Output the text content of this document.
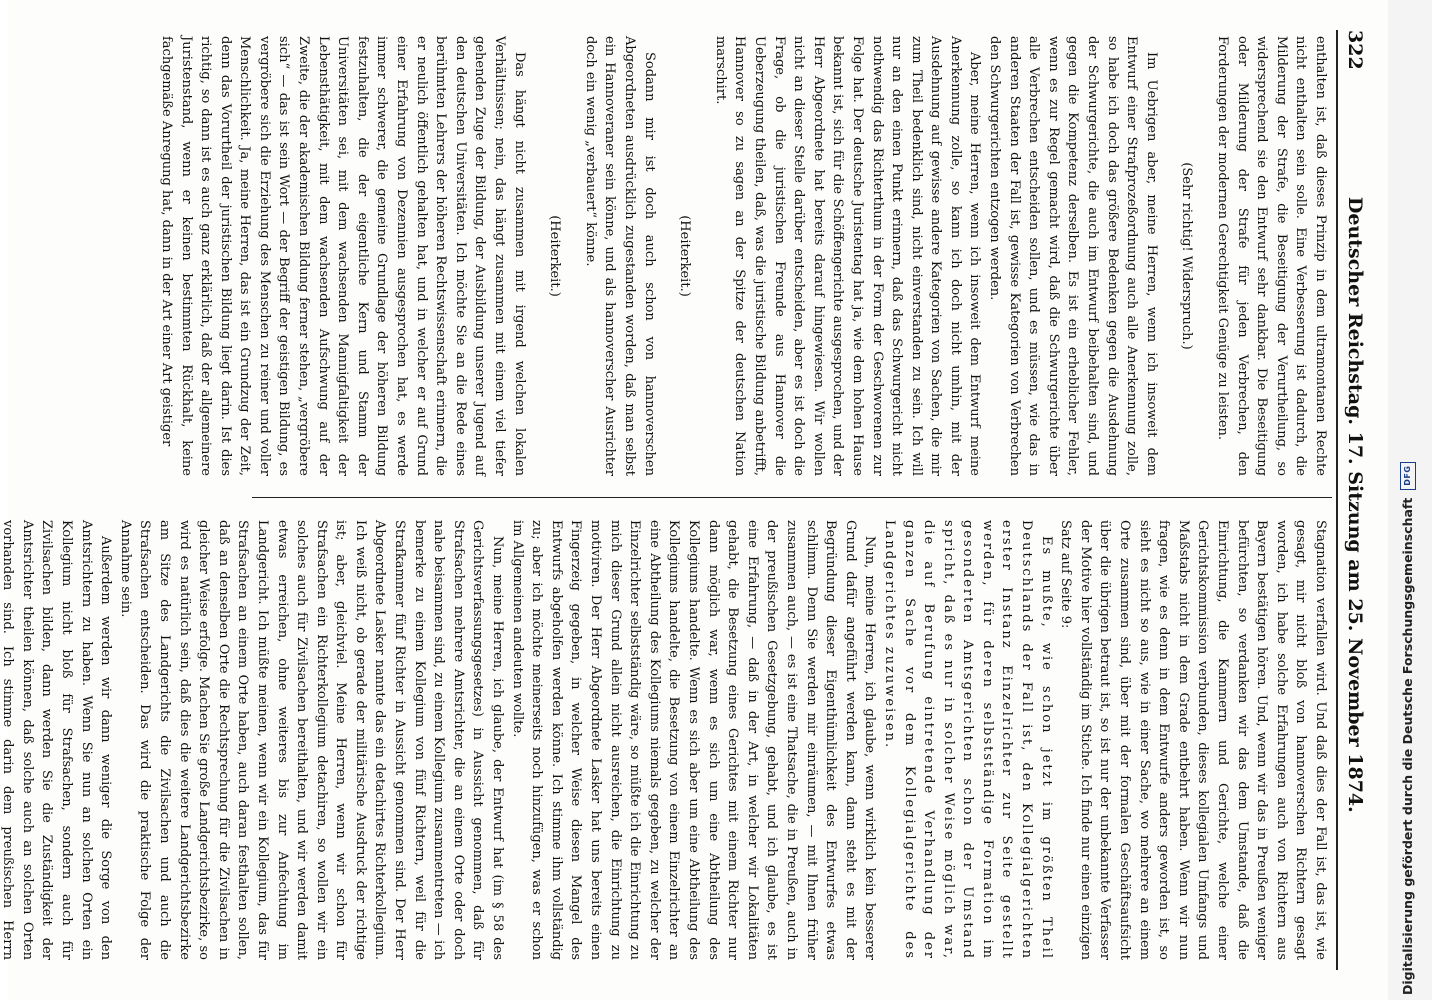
322
Deutscher Reichstag. 17. Sitzung am 25. November 1874.

enthalten ist, daß dieses Prinzip in dem ultramontanen Rechte nicht enthalten sein solle. Eine Verbesserung ist dadurch, die Milderung der Strafe, die Beseitigung der Verurtheilung, so widersprechend sie den Entwurf sehr dankbar. Die Beseitigung oder Milderung der Strafe für jeden Verbrechen, den Forderungen der modernen Gerechtigkeit Genüge zu leisten.

(Sehr richtig! Widerspruch.)

Im Uebrigen aber, meine Herren, wenn ich insoweit dem Entwurf einer Strafprozeßordnung auch alle Anerkennung zolle, so habe ich doch das größere Bedenken gegen die Ausdehnung der Schwurgerichte, die auch im Entwurf beibehalten sind, und gegen die Kompetenz derselben. Es ist ein erheblicher Fehler, wenn es zur Regel gemacht wird, daß die Schwurgerichte über alle Verbrechen entscheiden sollen, und es müssen, wie das in anderen Staaten der Fall ist, gewisse Kategorien von Verbrechen den Schwurgerichten entzogen werden.

Aber, meine Herren, wenn ich insoweit dem Entwurf meine Anerkennung zolle, so kann ich doch nicht umhin, mit der Ausdehnung auf gewisse andere Kategorien von Sachen, die mir zum Theil bedenklich sind, nicht einverstanden zu sein. Ich will nur an den einen Punkt erinnern, daß das Schwurgericht nicht nothwendig das Richterthum in der Form der Geschworenen zur Folge hat. Der deutsche Juristentag hat ja, wie dem hohen Hause bekannt ist, sich für die Schöffengerichte ausgesprochen, und der Herr Abgeordnete hat bereits darauf hingewiesen. Wir wollen nicht an dieser Stelle darüber entscheiden, aber es ist doch die Frage, ob die juristischen Freunde aus Hannover die Ueberzeugung theilen, daß, was die juristische Bildung anbetrifft, Hannover so zu sagen an der Spitze der deutschen Nation marschirt.

(Heiterkeit.)

Sodann mir ist doch auch schon von hannoverschen Abgeordneten ausdrücklich zugestanden worden, daß man selbst ein Hannoveraner sein könne, und als hannoverscher Ausrichter doch ein wenig „verbauert“ könne.

(Heiterkeit.)

Das hängt nicht zusammen mit irgend welchen lokalen Verhältnissen; nein, das hängt zusammen mit einem viel tiefer gehenden Zuge der Bildung, der Ausbildung unserer Jugend auf den deutschen Universitäten. Ich möchte Sie an die Rede eines berühmten Lehrers der höheren Rechtswissenschaft erinnern, die er neulich öffentlich gehalten hat, und in welcher er auf Grund einer Erfahrung von Dezennien ausgesprochen hat, es werde immer schwerer, die gemeine Grundlage der höheren Bildung festzuhalten, die der eigentliche Kern und Stamm der Universitäten sei, mit dem wachsenden Mannigfaltigkeit der Lebensthätigkeit, mit dem wachsenden Aufschwung auf der Zweite, die der akademischen Bildung ferner stehen, „vergröbere sich“ — das ist sein Wort — der Begriff der geistigen Bildung, es vergröbere sich die Erziehung des Menschen zu reiner und voller Menschlichkeit. Ja, meine Herren, das ist ein Grundzug der Zeit, denn das Vorurtheil der juristischen Bildung liegt darin. Ist dies richtig, so dann ist es auch ganz erklärlich, daß der allgemeinere Juristenstand, wenn er keinen bestimmten Rückhalt, keine fachgemäße Anregung hat, dann in der Art einer Art geistiger

Stagnation verfallen wird. Und daß dies der Fall ist, das ist, wie gesagt, mir nicht bloß von hannoverschen Richtern gesagt worden, ich habe solche Erfahrungen auch von Richtern aus Bayern bestätigen hören. Und, wenn wir das in Preußen weniger befürchten, so verdanken wir das dem Umstande, daß die Einrichtung, die Kammern und Gerichte, welche einer Gerichtskommission verbunden, dieses kollegialen Umfangs und Maßstabs nicht in dem Grade entbehrt haben. Wenn wir nun fragen, wie es denn in dem Entwurfe anders geworden ist, so sieht es nicht so aus, wie in einer Sache, wo mehrere an einem Orte zusammen sind, über mit der formalen Geschäftsaufsicht über die übrigen betraut ist, so ist nur der unbekannte Verfasser der Motive hier vollständig im Stiche. Ich finde nur einen einzigen Satz auf Seite 9:

Es mußte, wie schon jetzt im größten Theil Deutschlands der Fall ist, den Kollegialgerichten erster Instanz Einzelrichter zur Seite gestellt werden, für deren selbstständige Formation im gesonderten Amtsgerichten schon der Umstand spricht, daß es nur in solcher Weise möglich war, die auf Berufung eintretende Verhandlung der ganzen Sache vor dem Kollegialgerichte des Landgerichtes zuzuweisen.

Nun, meine Herren, ich glaube, wenn wirklich kein besserer Grund dafür angeführt werden kann, dann steht es mit der Begründung dieser Eigenthümlichkeit des Entwurfes etwas schlimm. Denn Sie werden mir einräumen, — mit Ihnen früher zusammen auch, — es ist eine Thatsache, die in Preußen, auch in der preußischen Gesetzgebung, gehabt, und ich glaube, es ist eine Erfahrung, — daß in der Art, in welcher wir Lokalitäten gehabt, die Besetzung eines Gerichtes mit einem Richter nur dann möglich war, wenn es sich um eine Abtheilung des Kollegiums handelte. Wenn es sich aber um eine Abtheilung des Kollegiums handelte, die Besetzung von einem Einzelrichter an eine Abtheilung des Kollegiums niemals gegeben, zu welcher der Einzelrichter selbstständig wäre, so müßte ich die Einrichtung zu mich dieser Grund allein nicht ausreichen, die Einrichtung zu motiviren. Der Herr Abgeordnete Lasker hat uns bereits einen Fingerzeig gegeben, in welcher Weise diesen Mangel des Entwurfs abgeholfen werden könne. Ich stimme ihm vollständig zu; aber ich möchte meinerseits noch hinzufügen, was er schon im Allgemeinen andeuten wollte.

Nun, meine Herren, ich glaube, der Entwurf hat (im § 58 des Gerichtsverfassungsgesetzes) in Aussicht genommen, daß für Strafsachen mehrere Amtsrichter, die an einem Orte oder doch nahe beisammen sind, zu einem Kollegium zusammentreten — ich bemerke zu einem Kollegium von fünf Richtern, weil für die Strafkammer fünf Richter in Aussicht genommen sind. Der Herr Abgeordnete Lasker nannte das ein detachirtes Richterkollegium. Ich weiß nicht, ob gerade der militärische Ausdruck der richtige ist; aber, gleichviel. Meine Herren, wenn wir schon für Strafsachen ein Richterkollegium detachiren, so wollen wir ein solches auch für Zivilsachen bereithalten, und wir werden damit etwas erreichen, ohne weiteres bis zur Anfechtung im Landgericht. Ich müßte meinen, wenn wir ein Kollegium, das für Strafsachen an einem Orte haben, auch daran festhalten sollen, daß an denselben Orte die Rechtsprechung für die Zivilsachen in gleicher Weise erfolge. Machen Sie große Landgerichtsbezirke, so wird es natürlich sein, daß dies die weitere Landgerichtsbezirke am Sitze des Landgerichts die Zivilsachen und auch die Strafsachen entscheiden. Das wird die praktische Folge der Annahme sein.

Außerdem werden wir dann weniger die Sorge von den Amtsrichtern zu haben. Wenn Sie nun an solchen Orten ein Kollegium nicht bloß für Strafsachen, sondern auch für Zivilsachen bilden, dann werden Sie die Zuständigkeit der Amtsrichter theilen können, daß solche auch an solchen Orten vorhanden sind. Ich stimme darin dem preußischen Herrn	Digitalisierung gefördert durch die Deutsche Forschungsgemeinschaft
DFG
